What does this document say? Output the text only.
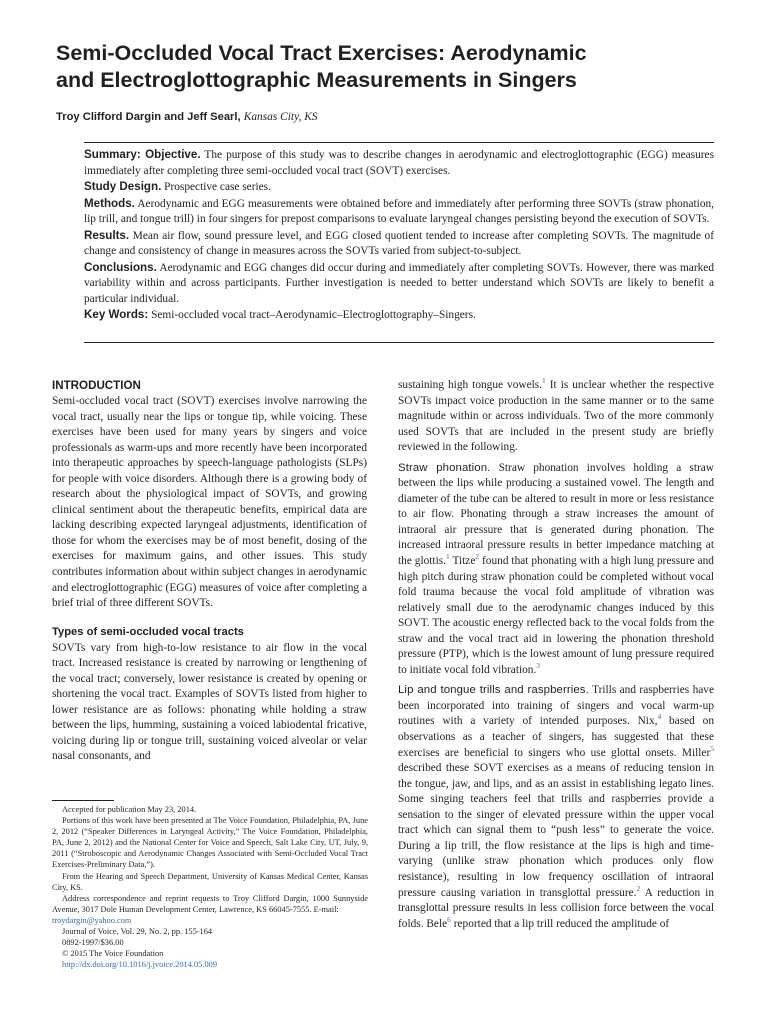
Semi-Occluded Vocal Tract Exercises: Aerodynamic
and Electroglottographic Measurements in Singers

Troy Clifford Dargin and Jeff Searl, Kansas City, KS

Summary: Objective. The purpose of this study was to describe changes in aerodynamic and electroglottographic (EGG) measures immediately after completing three semi-occluded vocal tract (SOVT) exercises.

Study Design. Prospective case series.

Methods. Aerodynamic and EGG measurements were obtained before and immediately after performing three SOVTs (straw phonation, lip trill, and tongue trill) in four singers for prepost comparisons to evaluate laryngeal changes persisting beyond the execution of SOVTs.

Results. Mean air flow, sound pressure level, and EGG closed quotient tended to increase after completing SOVTs. The magnitude of change and consistency of change in measures across the SOVTs varied from subject-to-subject.

Conclusions. Aerodynamic and EGG changes did occur during and immediately after completing SOVTs. However, there was marked variability within and across participants. Further investigation is needed to better understand which SOVTs are likely to benefit a particular individual.

Key Words: Semi-occluded vocal tract–Aerodynamic–Electroglottography–Singers.

INTRODUCTION

Semi-occluded vocal tract (SOVT) exercises involve narrowing the vocal tract, usually near the lips or tongue tip, while voicing. These exercises have been used for many years by singers and voice professionals as warm-ups and more recently have been incorporated into therapeutic approaches by speech-language pathologists (SLPs) for people with voice disorders. Although there is a growing body of research about the physiological impact of SOVTs, and growing clinical sentiment about the therapeutic benefits, empirical data are lacking describing expected laryngeal adjustments, identification of those for whom the exercises may be of most benefit, dosing of the exercises for maximum gains, and other issues. This study contributes information about within subject changes in aerodynamic and electroglottographic (EGG) measures of voice after completing a brief trial of three different SOVTs.

Types of semi-occluded vocal tracts

SOVTs vary from high-to-low resistance to air flow in the vocal tract. Increased resistance is created by narrowing or lengthening of the vocal tract; conversely, lower resistance is created by opening or shortening the vocal tract. Examples of SOVTs listed from higher to lower resistance are as follows: phonating while holding a straw between the lips, humming, sustaining a voiced labiodental fricative, voicing during lip or tongue trill, sustaining voiced alveolar or velar nasal consonants, and

sustaining high tongue vowels.$^1$ It is unclear whether the respective SOVTs impact voice production in the same manner or to the same magnitude within or across individuals. Two of the more commonly used SOVTs that are included in the present study are briefly reviewed in the following.

Straw phonation. Straw phonation involves holding a straw between the lips while producing a sustained vowel. The length and diameter of the tube can be altered to result in more or less resistance to air flow. Phonating through a straw increases the amount of intraoral air pressure that is generated during phonation. The increased intraoral pressure results in better impedance matching at the glottis.$^1$ Titze$^2$ found that phonating with a high lung pressure and high pitch during straw phonation could be completed without vocal fold trauma because the vocal fold amplitude of vibration was relatively small due to the aerodynamic changes induced by this SOVT. The acoustic energy reflected back to the vocal folds from the straw and the vocal tract aid in lowering the phonation threshold pressure (PTP), which is the lowest amount of lung pressure required to initiate vocal fold vibration.$^3$

Lip and tongue trills and raspberries. Trills and raspberries have been incorporated into training of singers and vocal warm-up routines with a variety of intended purposes. Nix,$^4$ based on observations as a teacher of singers, has suggested that these exercises are beneficial to singers who use glottal onsets. Miller$^5$ described these SOVT exercises as a means of reducing tension in the tongue, jaw, and lips, and as an assist in establishing legato lines. Some singing teachers feel that trills and raspberries provide a sensation to the singer of elevated pressure within the upper vocal tract which can signal them to “push less” to generate the voice. During a lip trill, the flow resistance at the lips is high and time-varying (unlike straw phonation which produces only flow resistance), resulting in low frequency oscillation of intraoral pressure causing variation in transglottal pressure.$^2$ A reduction in transglottal pressure results in less collision force between the vocal folds. Bele$^6$ reported that a lip trill reduced the amplitude of

Accepted for publication May 23, 2014.

Portions of this work have been presented at The Voice Foundation, Philadelphia, PA, June 2, 2012 (“Speaker Differences in Laryngeal Activity,” The Voice Foundation, Philadelphia, PA, June 2, 2012) and the National Center for Voice and Speech, Salt Lake City, UT, July, 9, 2011 (“Stroboscopic and Aerodynamic Changes Associated with Semi-Occluded Vocal Tract Exercises-Preliminary Data,”).

From the Hearing and Speech Department, University of Kansas Medical Center, Kansas City, KS.

Address correspondence and reprint requests to Troy Clifford Dargin, 1000 Sunnyside Avenue, 3017 Dole Human Development Center, Lawrence, KS 66045-7555. E-mail:
troydargin@yahoo.com

Journal of Voice, Vol. 29, No. 2, pp. 155-164

0892-1997/$36.00

© 2015 The Voice Foundation

http://dx.doi.org/10.1016/j.jvoice.2014.05.009
